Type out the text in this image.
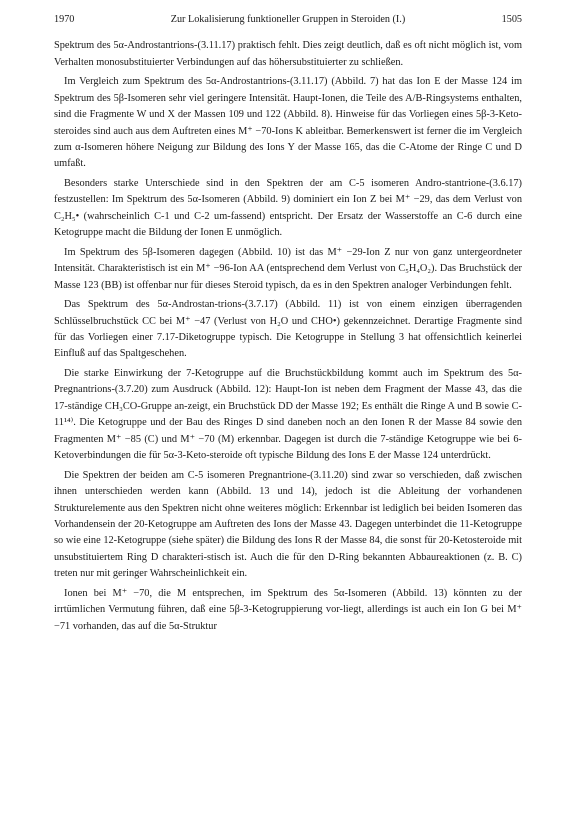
1970	Zur Lokalisierung funktioneller Gruppen in Steroiden (I.)	1505

Spektrum des 5α-Androstantrions-(3.11.17) praktisch fehlt. Dies zeigt deutlich, daß es oft nicht möglich ist, vom Verhalten monosubstituierter Verbindungen auf das höhersubstituierter zu schließen.

Im Vergleich zum Spektrum des 5α-Androstantrions-(3.11.17) (Abbild. 7) hat das Ion E der Masse 124 im Spektrum des 5β-Isomeren sehr viel geringere Intensität. Haupt-Ionen, die Teile des A/B-Ringsystems enthalten, sind die Fragmente W und X der Massen 109 und 122 (Abbild. 8). Hinweise für das Vorliegen eines 5β-3-Keto-steroides sind auch aus dem Auftreten eines M⁺ −70-Ions K ableitbar. Bemerkenswert ist ferner die im Vergleich zum α-Isomeren höhere Neigung zur Bildung des Ions Y der Masse 165, das die C-Atome der Ringe C und D umfaßt.

Besonders starke Unterschiede sind in den Spektren der am C-5 isomeren Andro-stantrione-(3.6.17) festzustellen: Im Spektrum des 5α-Isomeren (Abbild. 9) dominiert ein Ion Z bei M⁺ −29, das dem Verlust von C₂H₅• (wahrscheinlich C-1 und C-2 um-fassend) entspricht. Der Ersatz der Wasserstoffe an C-6 durch eine Ketogruppe macht die Bildung der Ionen E unmöglich.

Im Spektrum des 5β-Isomeren dagegen (Abbild. 10) ist das M⁺ −29-Ion Z nur von ganz untergeordneter Intensität. Charakteristisch ist ein M⁺ −96-Ion AA (entsprechend dem Verlust von C₅H₄O₂). Das Bruchstück der Masse 123 (BB) ist offenbar nur für dieses Steroid typisch, da es in den Spektren analoger Verbindungen fehlt.

Das Spektrum des 5α-Androstan-trions-(3.7.17) (Abbild. 11) ist von einem einzigen überragenden Schlüsselbruchstück CC bei M⁺ −47 (Verlust von H₂O und CHO•) gekennzeichnet. Derartige Fragmente sind für das Vorliegen einer 7.17-Diketogruppe typisch. Die Ketogruppe in Stellung 3 hat offensichtlich keinerlei Einfluß auf das Spaltgeschehen.

Die starke Einwirkung der 7-Ketogruppe auf die Bruchstückbildung kommt auch im Spektrum des 5α-Pregnantrions-(3.7.20) zum Ausdruck (Abbild. 12): Haupt-Ion ist neben dem Fragment der Masse 43, das die 17-ständige CH₃CO-Gruppe an-zeigt, ein Bruchstück DD der Masse 192; Es enthält die Ringe A und B sowie C-11¹⁴⁾. Die Ketogruppe und der Bau des Ringes D sind daneben noch an den Ionen R der Masse 84 sowie den Fragmenten M⁺ −85 (C) und M⁺ −70 (M) erkennbar. Dagegen ist durch die 7-ständige Ketogruppe wie bei 6-Ketoverbindungen die für 5α-3-Keto-steroide oft typische Bildung des Ions E der Masse 124 unterdrückt.

Die Spektren der beiden am C-5 isomeren Pregnantrione-(3.11.20) sind zwar so verschieden, daß zwischen ihnen unterschieden werden kann (Abbild. 13 und 14), jedoch ist die Ableitung der vorhandenen Strukturelemente aus den Spektren nicht ohne weiteres möglich: Erkennbar ist lediglich bei beiden Isomeren das Vorhandensein der 20-Ketogruppe am Auftreten des Ions der Masse 43. Dagegen unterbindet die 11-Ketogruppe so wie eine 12-Ketogruppe (siehe später) die Bildung des Ions R der Masse 84, die sonst für 20-Ketosteroide mit unsubstituiertem Ring D charakteri-stisch ist. Auch die für den D-Ring bekannten Abbaureaktionen (z. B. C) treten nur mit geringer Wahrscheinlichkeit ein.

Ionen bei M⁺ −70, die M entsprechen, im Spektrum des 5α-Isomeren (Abbild. 13) könnten zu der irrtümlichen Vermutung führen, daß eine 5β-3-Ketogruppierung vor-liegt, allerdings ist auch ein Ion G bei M⁺ −71 vorhanden, das auf die 5α-Struktur
